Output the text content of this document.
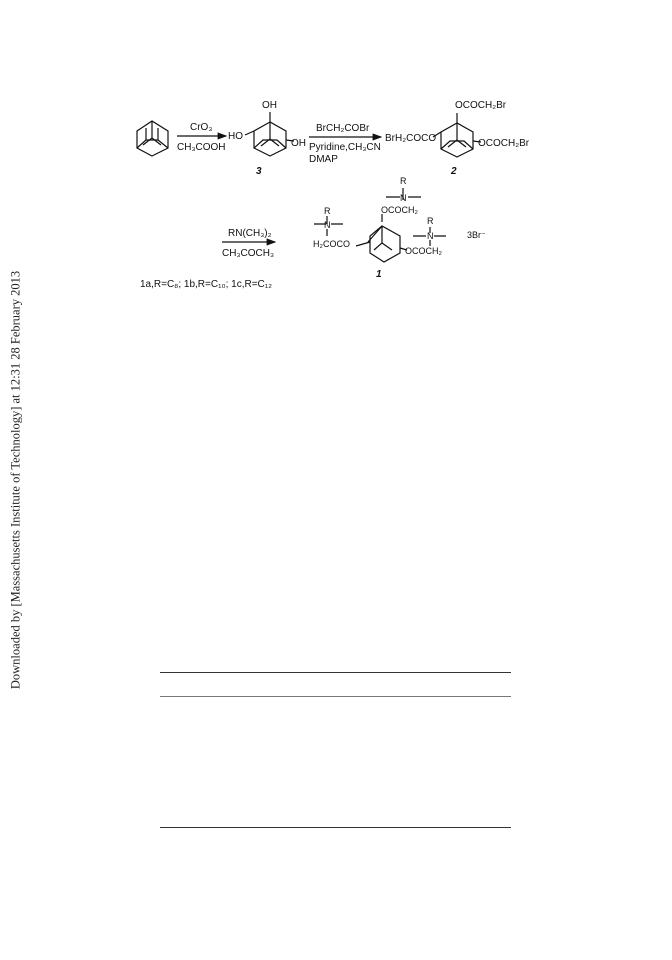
Downloaded by [Massachusetts Institute of Technology] at 12:31 28 February 2013
CrO₃
CH₃COOH
OH
HO
OH
3
BrCH₂COBr
Pyridine,CH₃CN
DMAP
OCOCH₂Br
BrH₂COCO	OCOCH₂Br
2
RN(CH₃)₂
CH₃COCH₃
R
N
OCOCH₂
R
N
H₂COCO
R
N
OCOCH₂
3Br⁻
1
1a,R=C₈; 1b,R=C₁₀; 1c,R=C₁₂
